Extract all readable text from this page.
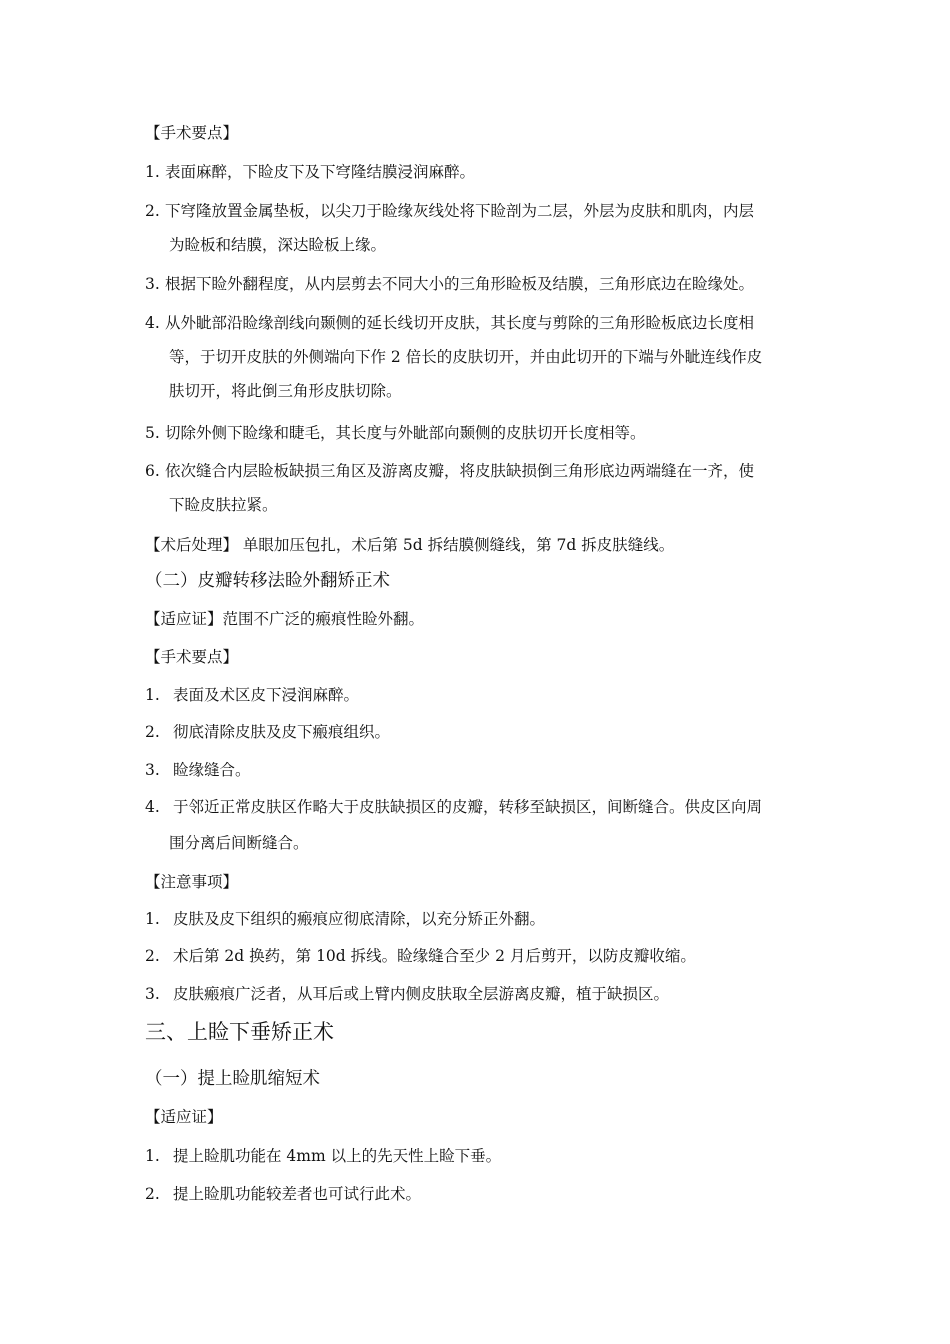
【手术要点】
1. 表面麻醉，下睑皮下及下穹隆结膜浸润麻醉。
2. 下穹隆放置金属垫板，以尖刀于睑缘灰线处将下睑剖为二层，外层为皮肤和肌肉，内层
为睑板和结膜，深达睑板上缘。
3. 根据下睑外翻程度，从内层剪去不同大小的三角形睑板及结膜，三角形底边在睑缘处。
4. 从外眦部沿睑缘剖线向颞侧的延长线切开皮肤，其长度与剪除的三角形睑板底边长度相
等，于切开皮肤的外侧端向下作 2 倍长的皮肤切开，并由此切开的下端与外眦连线作皮
肤切开，将此倒三角形皮肤切除。
5. 切除外侧下睑缘和睫毛，其长度与外眦部向颞侧的皮肤切开长度相等。
6. 依次缝合内层睑板缺损三角区及游离皮瓣，将皮肤缺损倒三角形底边两端缝在一齐，使
下睑皮肤拉紧。
【术后处理】 单眼加压包扎，术后第 5d 拆结膜侧缝线，第 7d 拆皮肤缝线。
（二）皮瓣转移法睑外翻矫正术
【适应证】范围不广泛的瘢痕性睑外翻。
【手术要点】
1. 表面及术区皮下浸润麻醉。
2. 彻底清除皮肤及皮下瘢痕组织。
3. 睑缘缝合。
4. 于邻近正常皮肤区作略大于皮肤缺损区的皮瓣，转移至缺损区，间断缝合。供皮区向周
围分离后间断缝合。
【注意事项】
1. 皮肤及皮下组织的瘢痕应彻底清除，以充分矫正外翻。
2. 术后第 2d 换药，第 10d 拆线。睑缘缝合至少 2 月后剪开，以防皮瓣收缩。
3. 皮肤瘢痕广泛者，从耳后或上臂内侧皮肤取全层游离皮瓣，植于缺损区。
三、上睑下垂矫正术
（一）提上睑肌缩短术
【适应证】
1. 提上睑肌功能在 4mm 以上的先天性上睑下垂。
2. 提上睑肌功能较差者也可试行此术。
